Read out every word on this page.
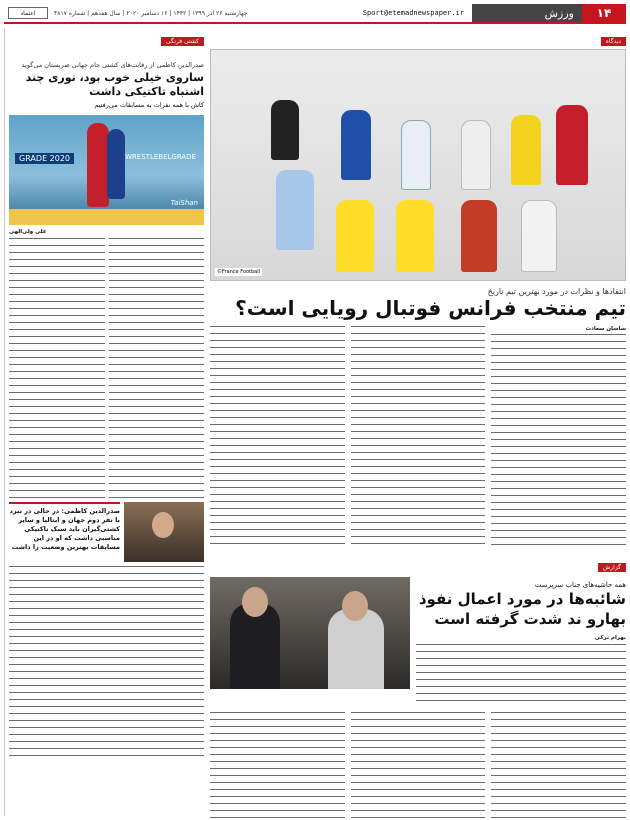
۱۴
ورزش
Sport@etemadnewspaper.ir
چهارشنبه ۲۶ آذر ۱۳۹۹ | ۱۴۴۲ | ۱۶ دسامبر ۲۰۲۰ | سال هفدهم | شماره ۴۸۱۷
اعتماد
کشتی فرنگی
صدرالدین کاظمی از رقابت‌های کشتی جام جهانی صربستان می‌گوید
ساروی خیلی خوب بود، نوری چند اشتباه تاکتیکی داشت
کاش با همه نفرات به مسابقات می‌رفتیم
GRADE 2020	WRESTLEBELGRADE
TaiShan
علی ولی‌الهی
صدرالدین کاظمی: در حالی در نبرد با نفر دوم جهان و ایتالیا و سایر کشتی‌گیران باید سبک تاکتیکی مناسبی داشت که او در این مسابقات بهترین وضعیت را داشت
دیدگاه
©France Football
انتقادها و نظرات در مورد بهترین تیم تاریخ
تیم منتخب فرانس فوتبال رویایی است؟
ساسان سعادت
گزارش
همه حاشیه‌های جناب سرپرست
شائبه‌ها در مورد اعمال نفوذ بهارو ند شدت گرفته است
بهرام ترکی
